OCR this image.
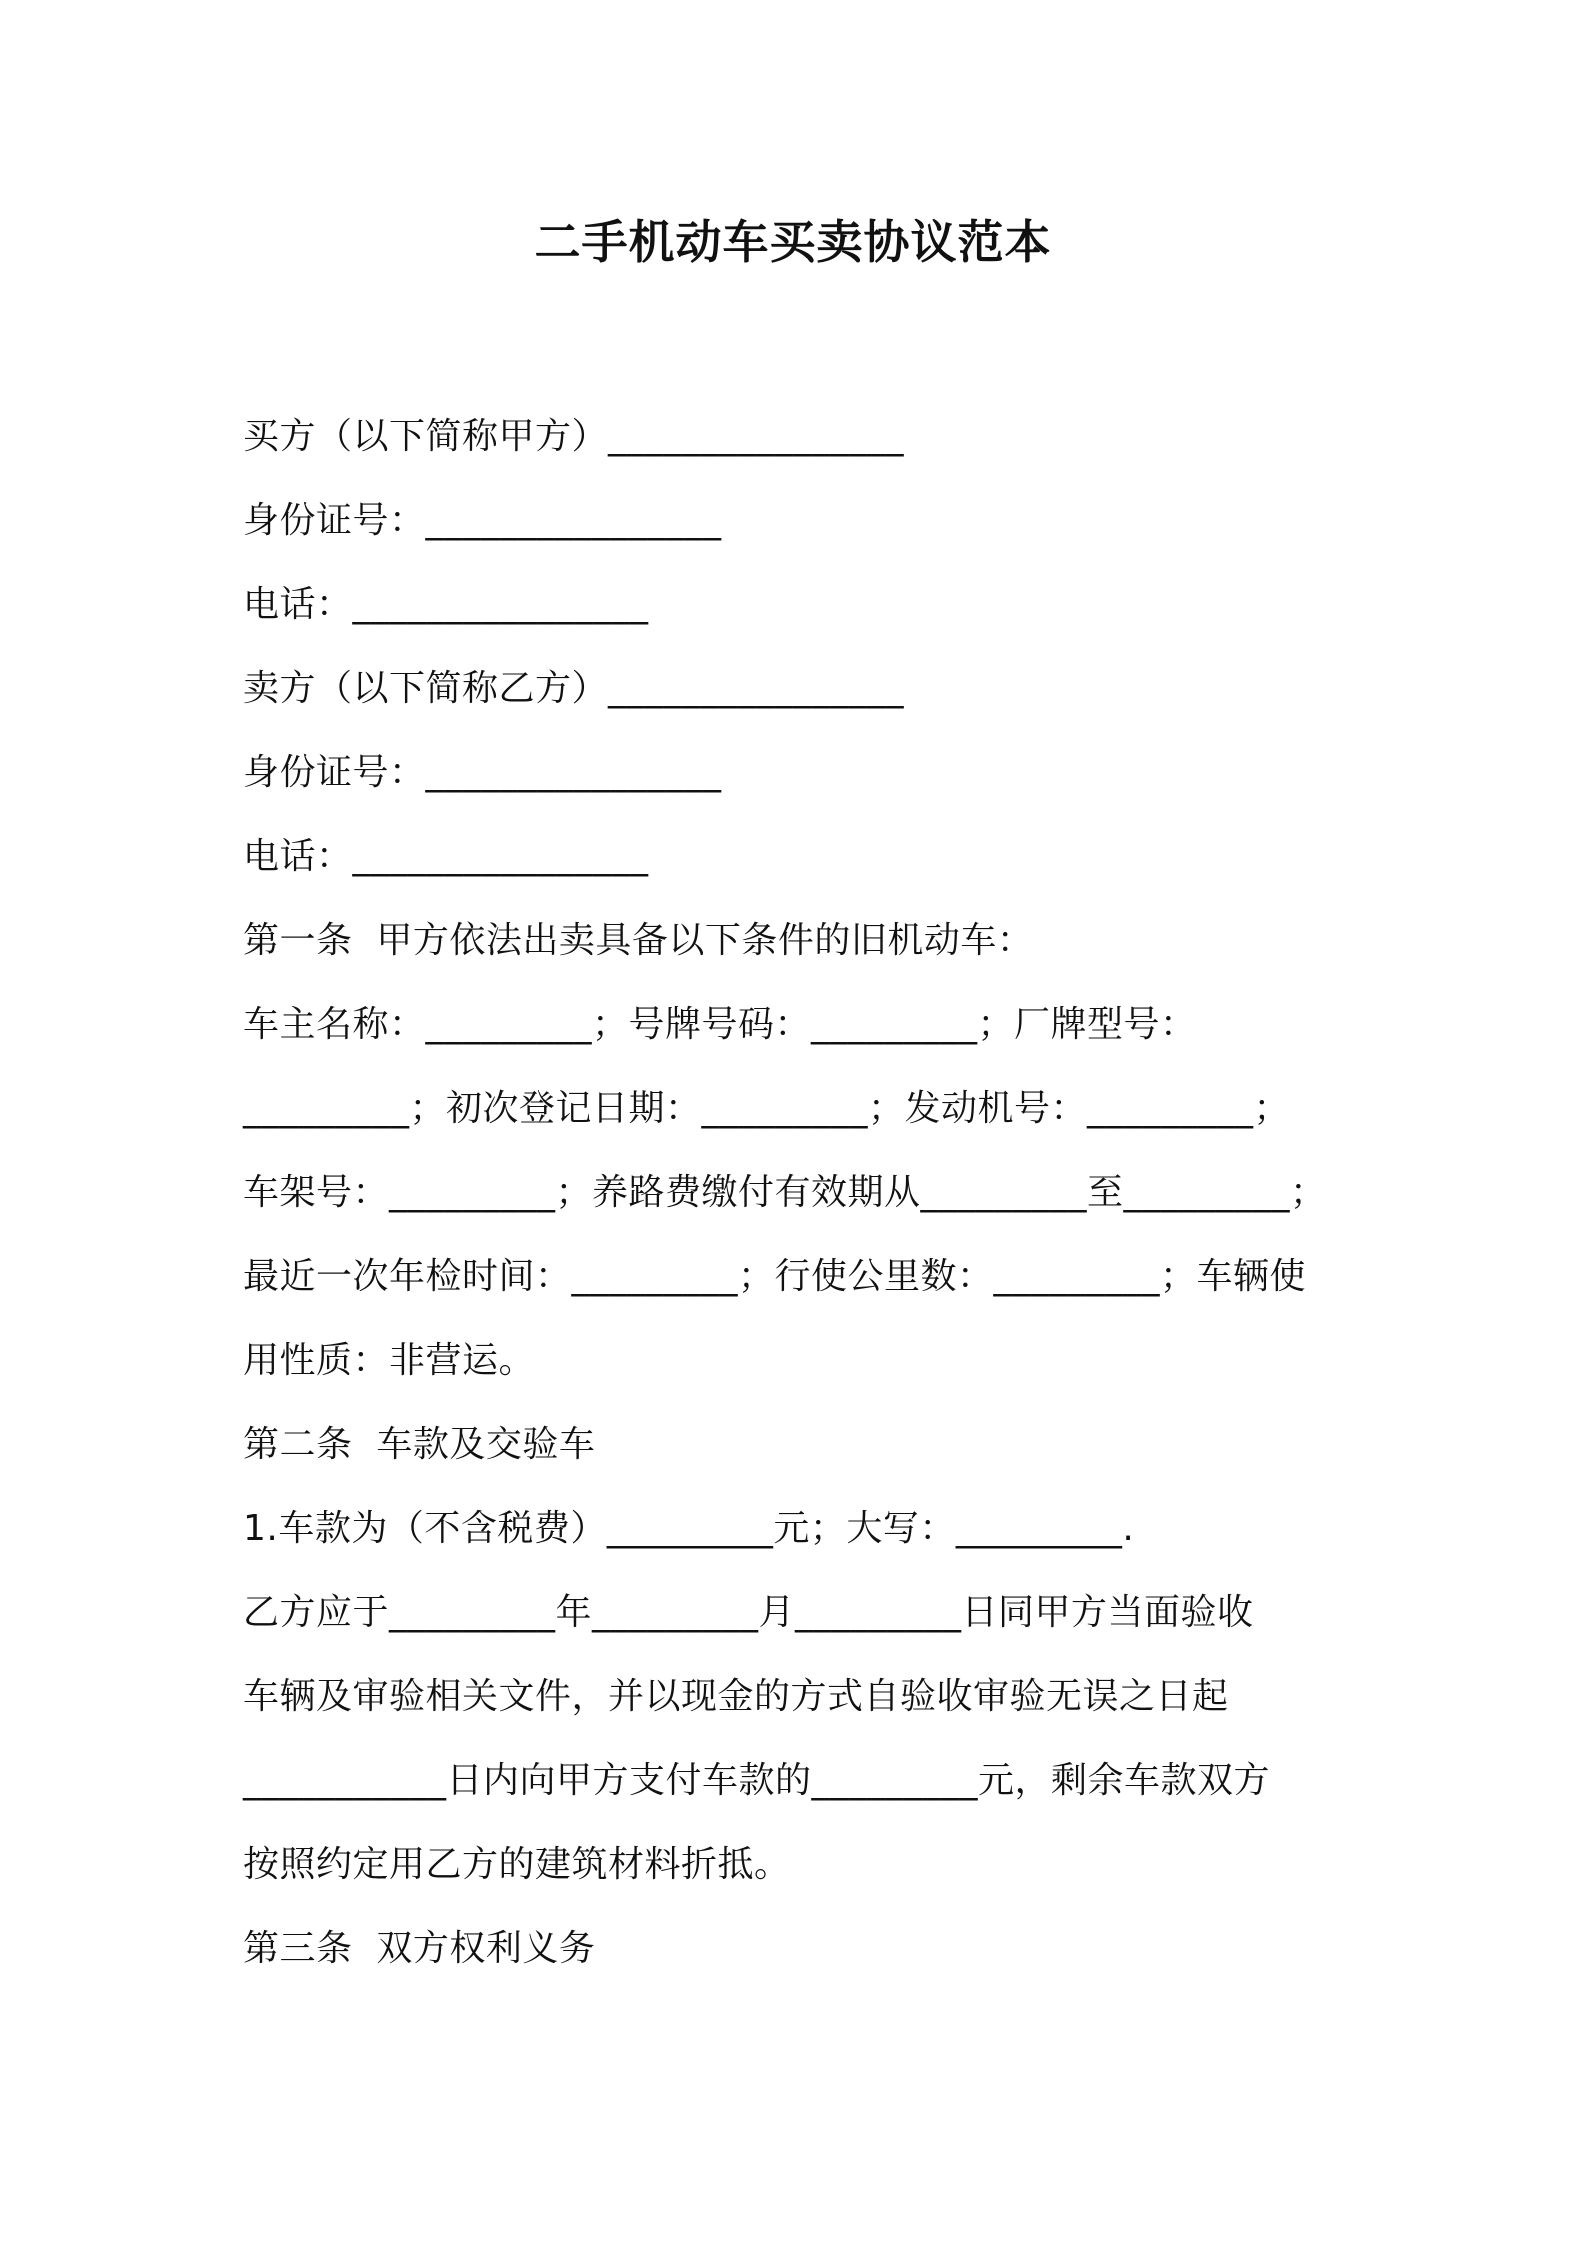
二手机动车买卖协议范本
买方（以下简称甲方）________________
身份证号：________________
电话：________________
卖方（以下简称乙方）________________
身份证号：________________
电话：________________
第一条  甲方依法出卖具备以下条件的旧机动车：
车主名称：_________；号牌号码：_________；厂牌型号：
_________；初次登记日期：_________；发动机号：_________；
车架号：_________；养路费缴付有效期从_________至_________；
最近一次年检时间：_________；行使公里数：_________；车辆使
用性质：非营运。
第二条  车款及交验车
1.车款为（不含税费）_________元；大写：_________.
乙方应于_________年_________月_________日同甲方当面验收
车辆及审验相关文件，并以现金的方式自验收审验无误之日起
___________日内向甲方支付车款的_________元，剩余车款双方
按照约定用乙方的建筑材料折抵。
第三条  双方权利义务
